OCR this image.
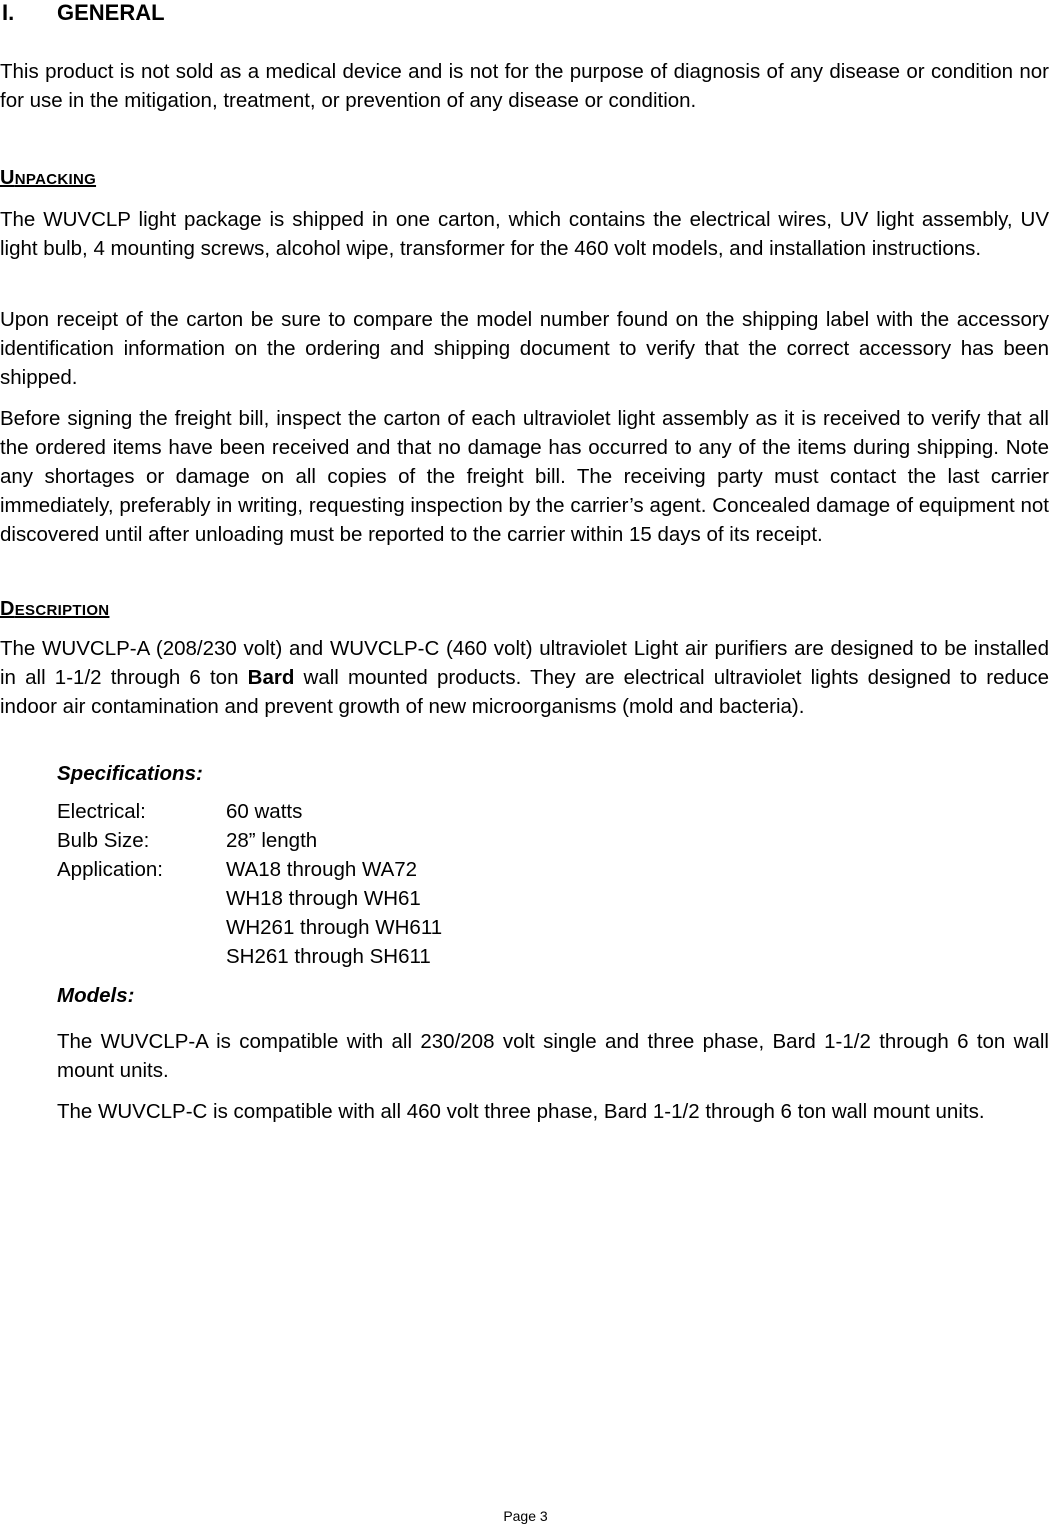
I. GENERAL
This product is not sold as a medical device and is not for the purpose of diagnosis of any disease or condition nor for use in the mitigation, treatment, or prevention of any disease or condition.
UNPACKING
The WUVCLP light package is shipped in one carton, which contains the electrical wires, UV light assembly, UV light bulb, 4 mounting screws, alcohol wipe, transformer for the 460 volt models, and installation instructions.
Upon receipt of the carton be sure to compare the model number found on the shipping label with the accessory identification information on the ordering and shipping document to verify that the correct accessory has been shipped.
Before signing the freight bill, inspect the carton of each ultraviolet light assembly as it is received to verify that all the ordered items have been received and that no damage has occurred to any of the items during shipping. Note any shortages or damage on all copies of the freight bill. The receiving party must contact the last carrier immediately, preferably in writing, requesting inspection by the carrier’s agent. Concealed damage of equipment not discovered until after unloading must be reported to the carrier within 15 days of its receipt.
DESCRIPTION
The WUVCLP-A (208/230 volt) and WUVCLP-C (460 volt) ultraviolet Light air purifiers are designed to be installed in all 1-1/2 through 6 ton Bard wall mounted products. They are electrical ultraviolet lights designed to reduce indoor air contamination and prevent growth of new microorganisms (mold and bacteria).
Specifications:
Electrical:	60 watts
Bulb Size:	28” length
Application:	WA18 through WA72
WH18 through WH61
WH261 through WH611
SH261 through SH611
Models:
The WUVCLP-A is compatible with all 230/208 volt single and three phase, Bard 1-1/2 through 6 ton wall mount units.
The WUVCLP-C is compatible with all 460 volt three phase, Bard 1-1/2 through 6 ton wall mount units.
Page 3
